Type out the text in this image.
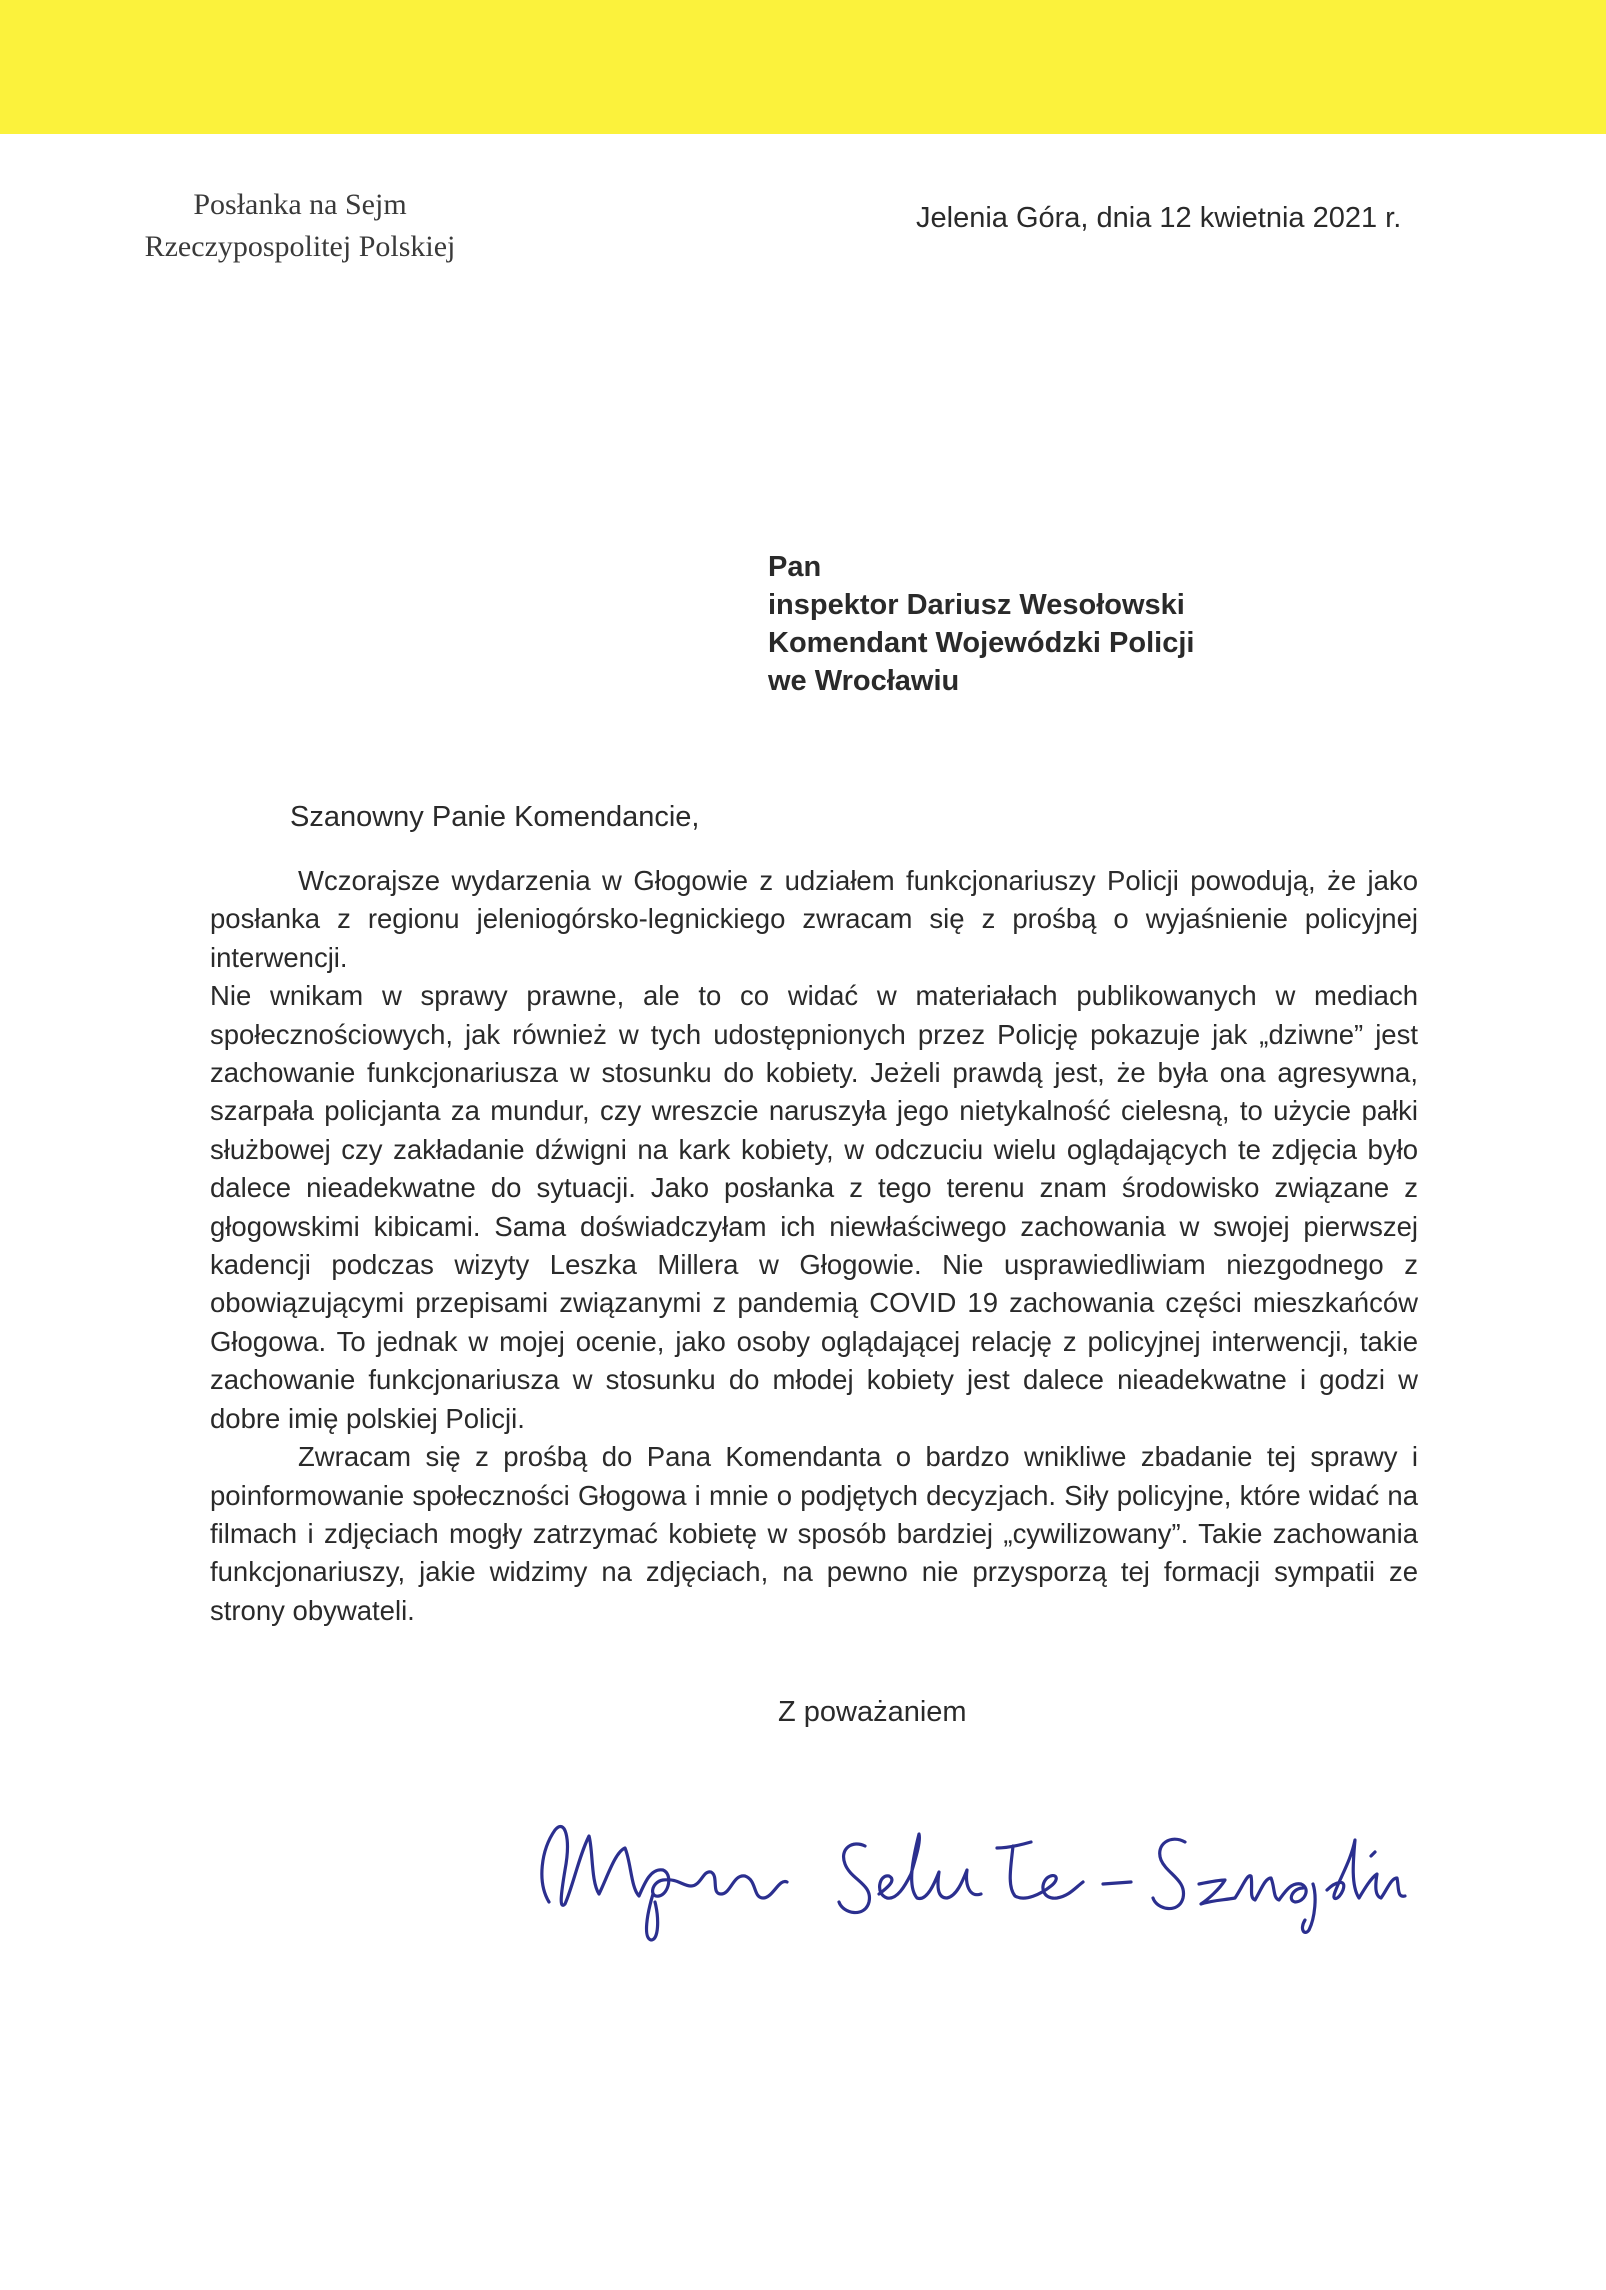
Posłanka na Sejm
Rzeczypospolitej Polskiej
Jelenia Góra, dnia 12 kwietnia 2021 r.
Pan
inspektor Dariusz Wesołowski
Komendant Wojewódzki Policji
we Wrocławiu
Szanowny Panie Komendancie,

Wczorajsze wydarzenia w Głogowie z udziałem funkcjonariuszy Policji powodują, że jako posłanka z regionu jeleniogórsko-legnickiego zwracam się z prośbą o wyjaśnienie policyjnej interwencji.

Nie wnikam w sprawy prawne, ale to co widać w materiałach publikowanych w mediach społecznościowych, jak również w tych udostępnionych przez Policję pokazuje jak „dziwne” jest zachowanie funkcjonariusza w stosunku do kobiety. Jeżeli prawdą jest, że była ona agresywna, szarpała policjanta za mundur, czy wreszcie naruszyła jego nietykalność cielesną, to użycie pałki służbowej czy zakładanie dźwigni na kark kobiety, w odczuciu wielu oglądających te zdjęcia było dalece nieadekwatne do sytuacji. Jako posłanka z tego terenu znam środowisko związane z głogowskimi kibicami. Sama doświadczyłam ich niewłaściwego zachowania w swojej pierwszej kadencji podczas wizyty Leszka Millera w Głogowie. Nie usprawiedliwiam niezgodnego z obowiązującymi przepisami związanymi z pandemią COVID 19 zachowania części mieszkańców Głogowa. To jednak w mojej ocenie, jako osoby oglądającej relację z policyjnej interwencji, takie zachowanie funkcjonariusza w stosunku do młodej kobiety jest dalece nieadekwatne i godzi w dobre imię polskiej Policji.

Zwracam się z prośbą do Pana Komendanta o bardzo wnikliwe zbadanie tej sprawy i poinformowanie społeczności Głogowa i mnie o podjętych decyzjach. Siły policyjne, które widać na filmach i zdjęciach mogły zatrzymać kobietę w sposób bardziej „cywilizowany”. Takie zachowania funkcjonariuszy, jakie widzimy na zdjęciach, na pewno nie przysporzą tej formacji sympatii ze strony obywateli.

Z poważaniem
